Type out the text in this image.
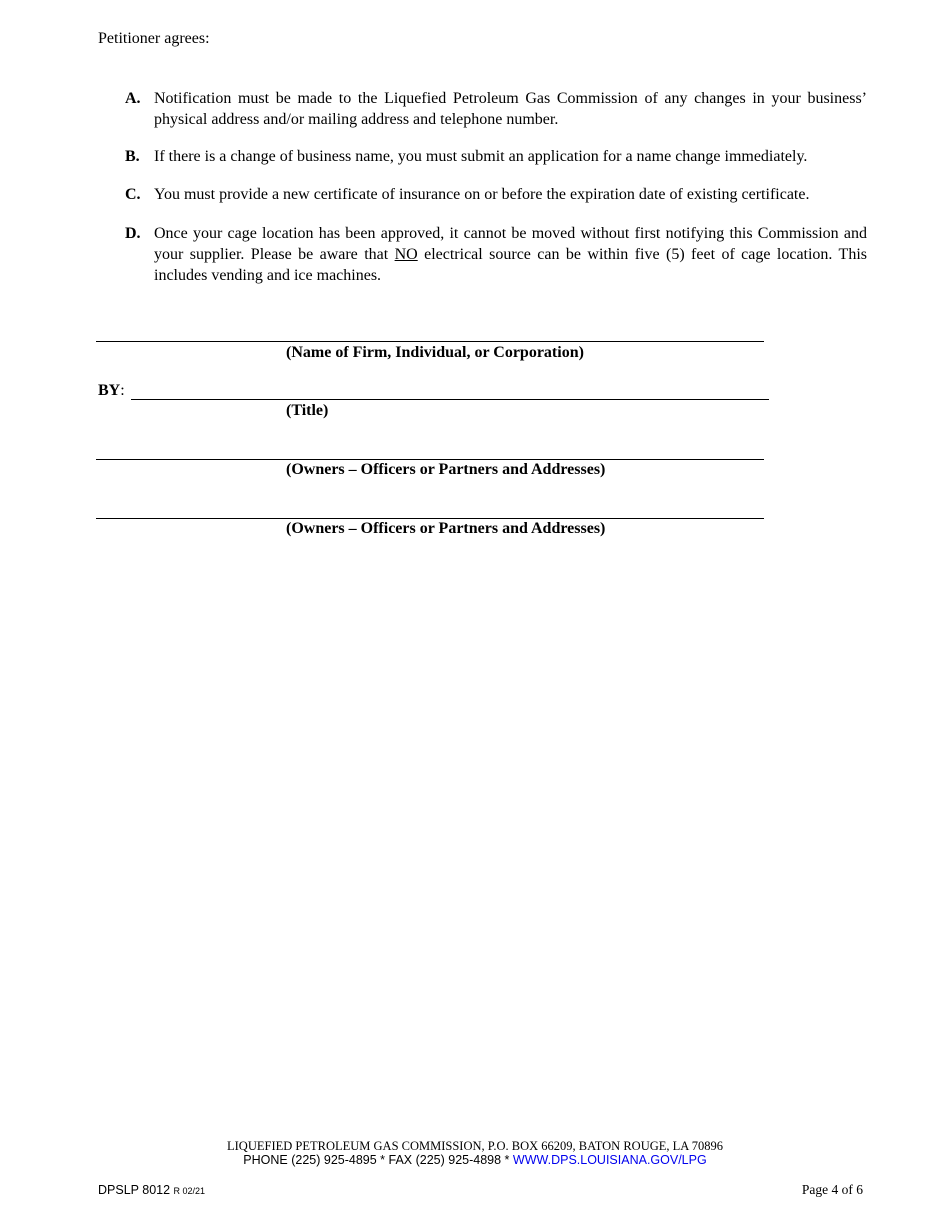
Petitioner agrees:
A. Notification must be made to the Liquefied Petroleum Gas Commission of any changes in your business’ physical address and/or mailing address and telephone number.
B. If there is a change of business name, you must submit an application for a name change immediately.
C. You must provide a new certificate of insurance on or before the expiration date of existing certificate.
D. Once your cage location has been approved, it cannot be moved without first notifying this Commission and your supplier. Please be aware that NO electrical source can be within five (5) feet of cage location. This includes vending and ice machines.
(Name of Firm, Individual, or Corporation)
BY:
(Title)
(Owners – Officers or Partners and Addresses)
(Owners – Officers or Partners and Addresses)
LIQUEFIED PETROLEUM GAS COMMISSION, P.O. BOX 66209, BATON ROUGE, LA 70896
PHONE (225) 925-4895 * FAX (225) 925-4898 * WWW.DPS.LOUISIANA.GOV/LPG
DPSLP 8012 R 02/21	Page 4 of 6
